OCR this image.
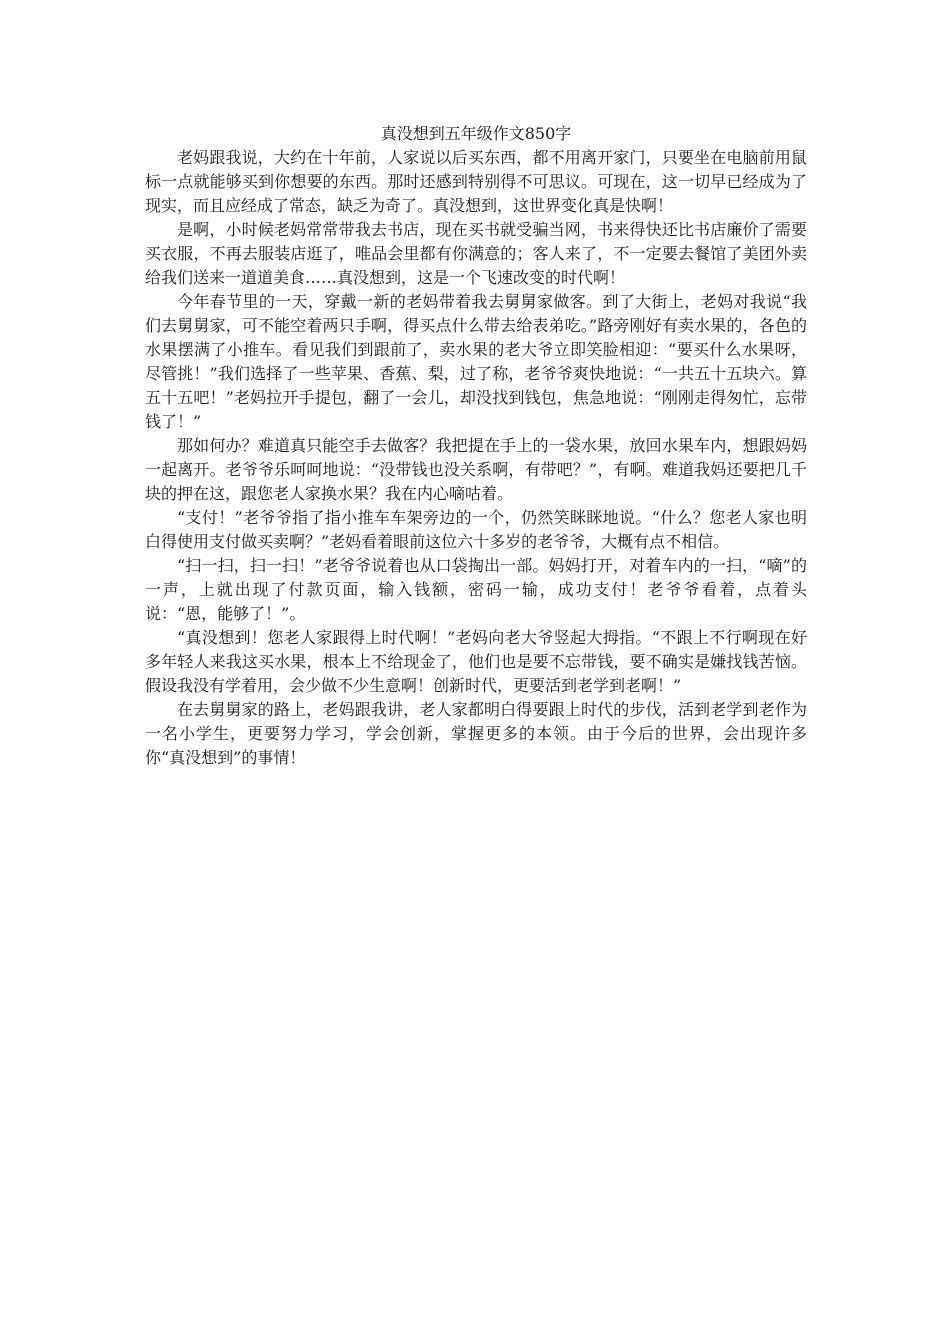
真没想到五年级作文850字

老妈跟我说，大约在十年前，人家说以后买东西，都不用离开家门，只要坐在电脑前用鼠标一点就能够买到你想要的东西。那时还感到特别得不可思议。可现在，这一切早已经成为了现实，而且应经成了常态，缺乏为奇了。真没想到，这世界变化真是快啊！

是啊，小时候老妈常常带我去书店，现在买书就受骗当网，书来得快还比书店廉价了需要买衣服，不再去服装店逛了，唯品会里都有你满意的；客人来了，不一定要去餐馆了美团外卖给我们送来一道道美食……真没想到，这是一个飞速改变的时代啊！

今年春节里的一天，穿戴一新的老妈带着我去舅舅家做客。到了大街上，老妈对我说“我们去舅舅家，可不能空着两只手啊，得买点什么带去给表弟吃。”路旁刚好有卖水果的，各色的水果摆满了小推车。看见我们到跟前了，卖水果的老大爷立即笑脸相迎：“要买什么水果呀，尽管挑！”我们选择了一些苹果、香蕉、梨，过了称，老爷爷爽快地说：“一共五十五块六。算五十五吧！”老妈拉开手提包，翻了一会儿，却没找到钱包，焦急地说：“刚刚走得匆忙，忘带钱了！”

那如何办？难道真只能空手去做客？我把提在手上的一袋水果，放回水果车内，想跟妈妈一起离开。老爷爷乐呵呵地说：“没带钱也没关系啊，有带吧？”，有啊。难道我妈还要把几千块的押在这，跟您老人家换水果？我在内心嘀咕着。

“支付！”老爷爷指了指小推车车架旁边的一个，仍然笑眯眯地说。“什么？您老人家也明白得使用支付做买卖啊？”老妈看着眼前这位六十多岁的老爷爷，大概有点不相信。

“扫一扫，扫一扫！”老爷爷说着也从口袋掏出一部。妈妈打开，对着车内的一扫，“嘀”的一声，上就出现了付款页面，输入钱额，密码一输，成功支付！老爷爷看着，点着头说：“恩，能够了！”。

“真没想到！您老人家跟得上时代啊！”老妈向老大爷竖起大拇指。“不跟上不行啊现在好多年轻人来我这买水果，根本上不给现金了，他们也是要不忘带钱，要不确实是嫌找钱苦恼。假设我没有学着用，会少做不少生意啊！创新时代，更要活到老学到老啊！”

在去舅舅家的路上，老妈跟我讲，老人家都明白得要跟上时代的步伐，活到老学到老作为一名小学生，更要努力学习，学会创新，掌握更多的本领。由于今后的世界，会出现许多你“真没想到”的事情！
